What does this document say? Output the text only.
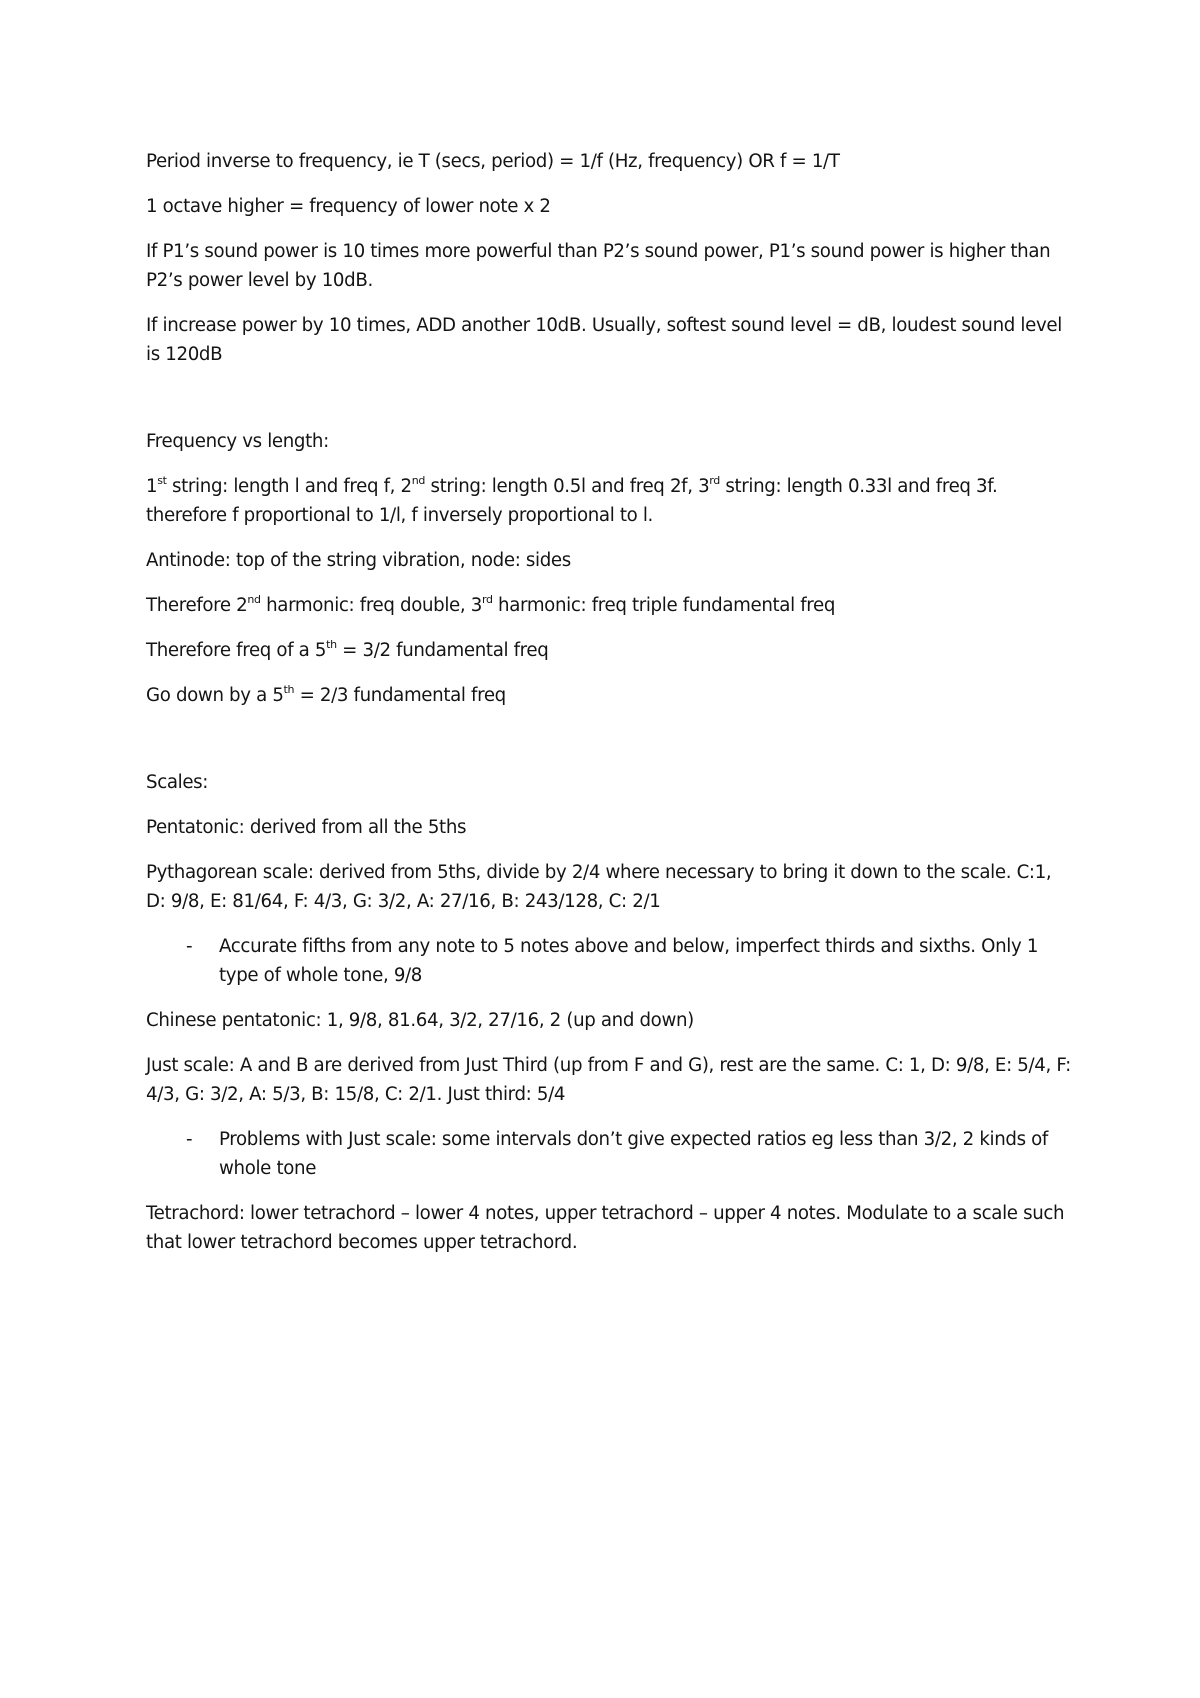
Period inverse to frequency, ie T (secs, period) = 1/f (Hz, frequency) OR f = 1/T

1 octave higher = frequency of lower note x 2

If P1’s sound power is 10 times more powerful than P2’s sound power, P1’s sound power is higher than P2’s power level by 10dB.

If increase power by 10 times, ADD another 10dB. Usually, softest sound level = dB, loudest sound level is 120dB

Frequency vs length:

1st string: length l and freq f, 2nd string: length 0.5l and freq 2f, 3rd string: length 0.33l and freq 3f. therefore f proportional to 1/l, f inversely proportional to l.

Antinode: top of the string vibration, node: sides

Therefore 2nd harmonic: freq double, 3rd harmonic: freq triple fundamental freq

Therefore freq of a 5th = 3/2 fundamental freq

Go down by a 5th = 2/3 fundamental freq

Scales:

Pentatonic: derived from all the 5ths

Pythagorean scale: derived from 5ths, divide by 2/4 where necessary to bring it down to the scale. C:1, D: 9/8, E: 81/64, F: 4/3, G: 3/2, A: 27/16, B: 243/128, C: 2/1

- Accurate fifths from any note to 5 notes above and below, imperfect thirds and sixths. Only 1 type of whole tone, 9/8

Chinese pentatonic: 1, 9/8, 81.64, 3/2, 27/16, 2 (up and down)

Just scale: A and B are derived from Just Third (up from F and G), rest are the same. C: 1, D: 9/8, E: 5/4, F: 4/3, G: 3/2, A: 5/3, B: 15/8, C: 2/1. Just third: 5/4

- Problems with Just scale: some intervals don’t give expected ratios eg less than 3/2, 2 kinds of whole tone

Tetrachord: lower tetrachord – lower 4 notes, upper tetrachord – upper 4 notes. Modulate to a scale such that lower tetrachord becomes upper tetrachord.
